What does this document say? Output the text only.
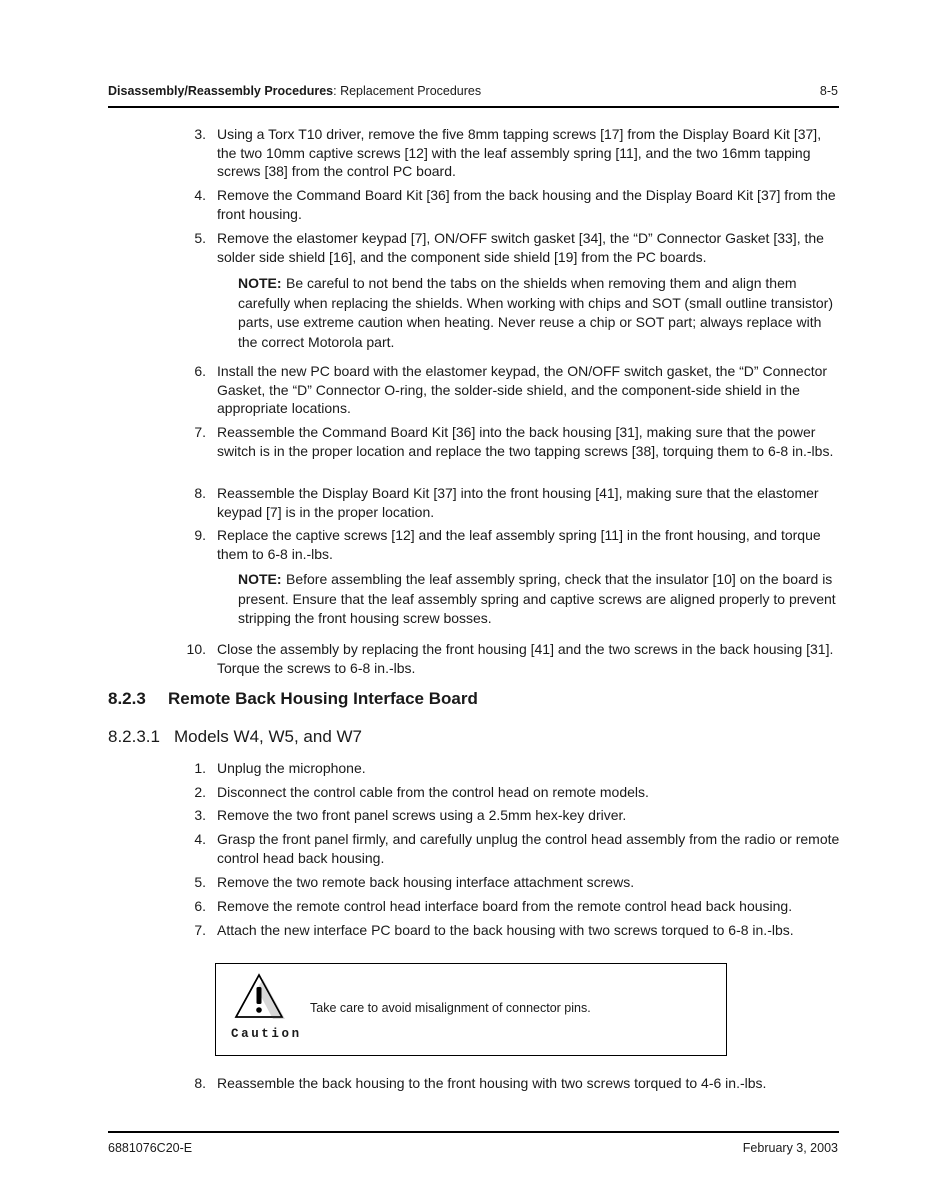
Disassembly/Reassembly Procedures: Replacement Procedures	8-5
3. Using a Torx T10 driver, remove the five 8mm tapping screws [17] from the Display Board Kit [37], the two 10mm captive screws [12] with the leaf assembly spring [11], and the two 16mm tapping screws [38] from the control PC board.
4. Remove the Command Board Kit [36] from the back housing and the Display Board Kit [37] from the front housing.
5. Remove the elastomer keypad [7], ON/OFF switch gasket [34], the “D” Connector Gasket [33], the solder side shield [16], and the component side shield [19] from the PC boards.
NOTE: Be careful to not bend the tabs on the shields when removing them and align them carefully when replacing the shields. When working with chips and SOT (small outline transistor) parts, use extreme caution when heating. Never reuse a chip or SOT part; always replace with the correct Motorola part.
6. Install the new PC board with the elastomer keypad, the ON/OFF switch gasket, the “D” Connector Gasket, the “D” Connector O-ring, the solder-side shield, and the component-side shield in the appropriate locations.
7. Reassemble the Command Board Kit [36] into the back housing [31], making sure that the power switch is in the proper location and replace the two tapping screws [38], torquing them to 6-8 in.-lbs.
8. Reassemble the Display Board Kit [37] into the front housing [41], making sure that the elastomer keypad [7] is in the proper location.
9. Replace the captive screws [12] and the leaf assembly spring [11] in the front housing, and torque them to 6-8 in.-lbs.
NOTE: Before assembling the leaf assembly spring, check that the insulator [10] on the board is present. Ensure that the leaf assembly spring and captive screws are aligned properly to prevent stripping the front housing screw bosses.
10. Close the assembly by replacing the front housing [41] and the two screws in the back housing [31]. Torque the screws to 6-8 in.-lbs.
8.2.3 Remote Back Housing Interface Board
8.2.3.1 Models W4, W5, and W7
1. Unplug the microphone.
2. Disconnect the control cable from the control head on remote models.
3. Remove the two front panel screws using a 2.5mm hex-key driver.
4. Grasp the front panel firmly, and carefully unplug the control head assembly from the radio or remote control head back housing.
5. Remove the two remote back housing interface attachment screws.
6. Remove the remote control head interface board from the remote control head back housing.
7. Attach the new interface PC board to the back housing with two screws torqued to 6-8 in.-lbs.
Caution
Take care to avoid misalignment of connector pins.
8. Reassemble the back housing to the front housing with two screws torqued to 4-6 in.-lbs.
6881076C20-E	February 3, 2003
